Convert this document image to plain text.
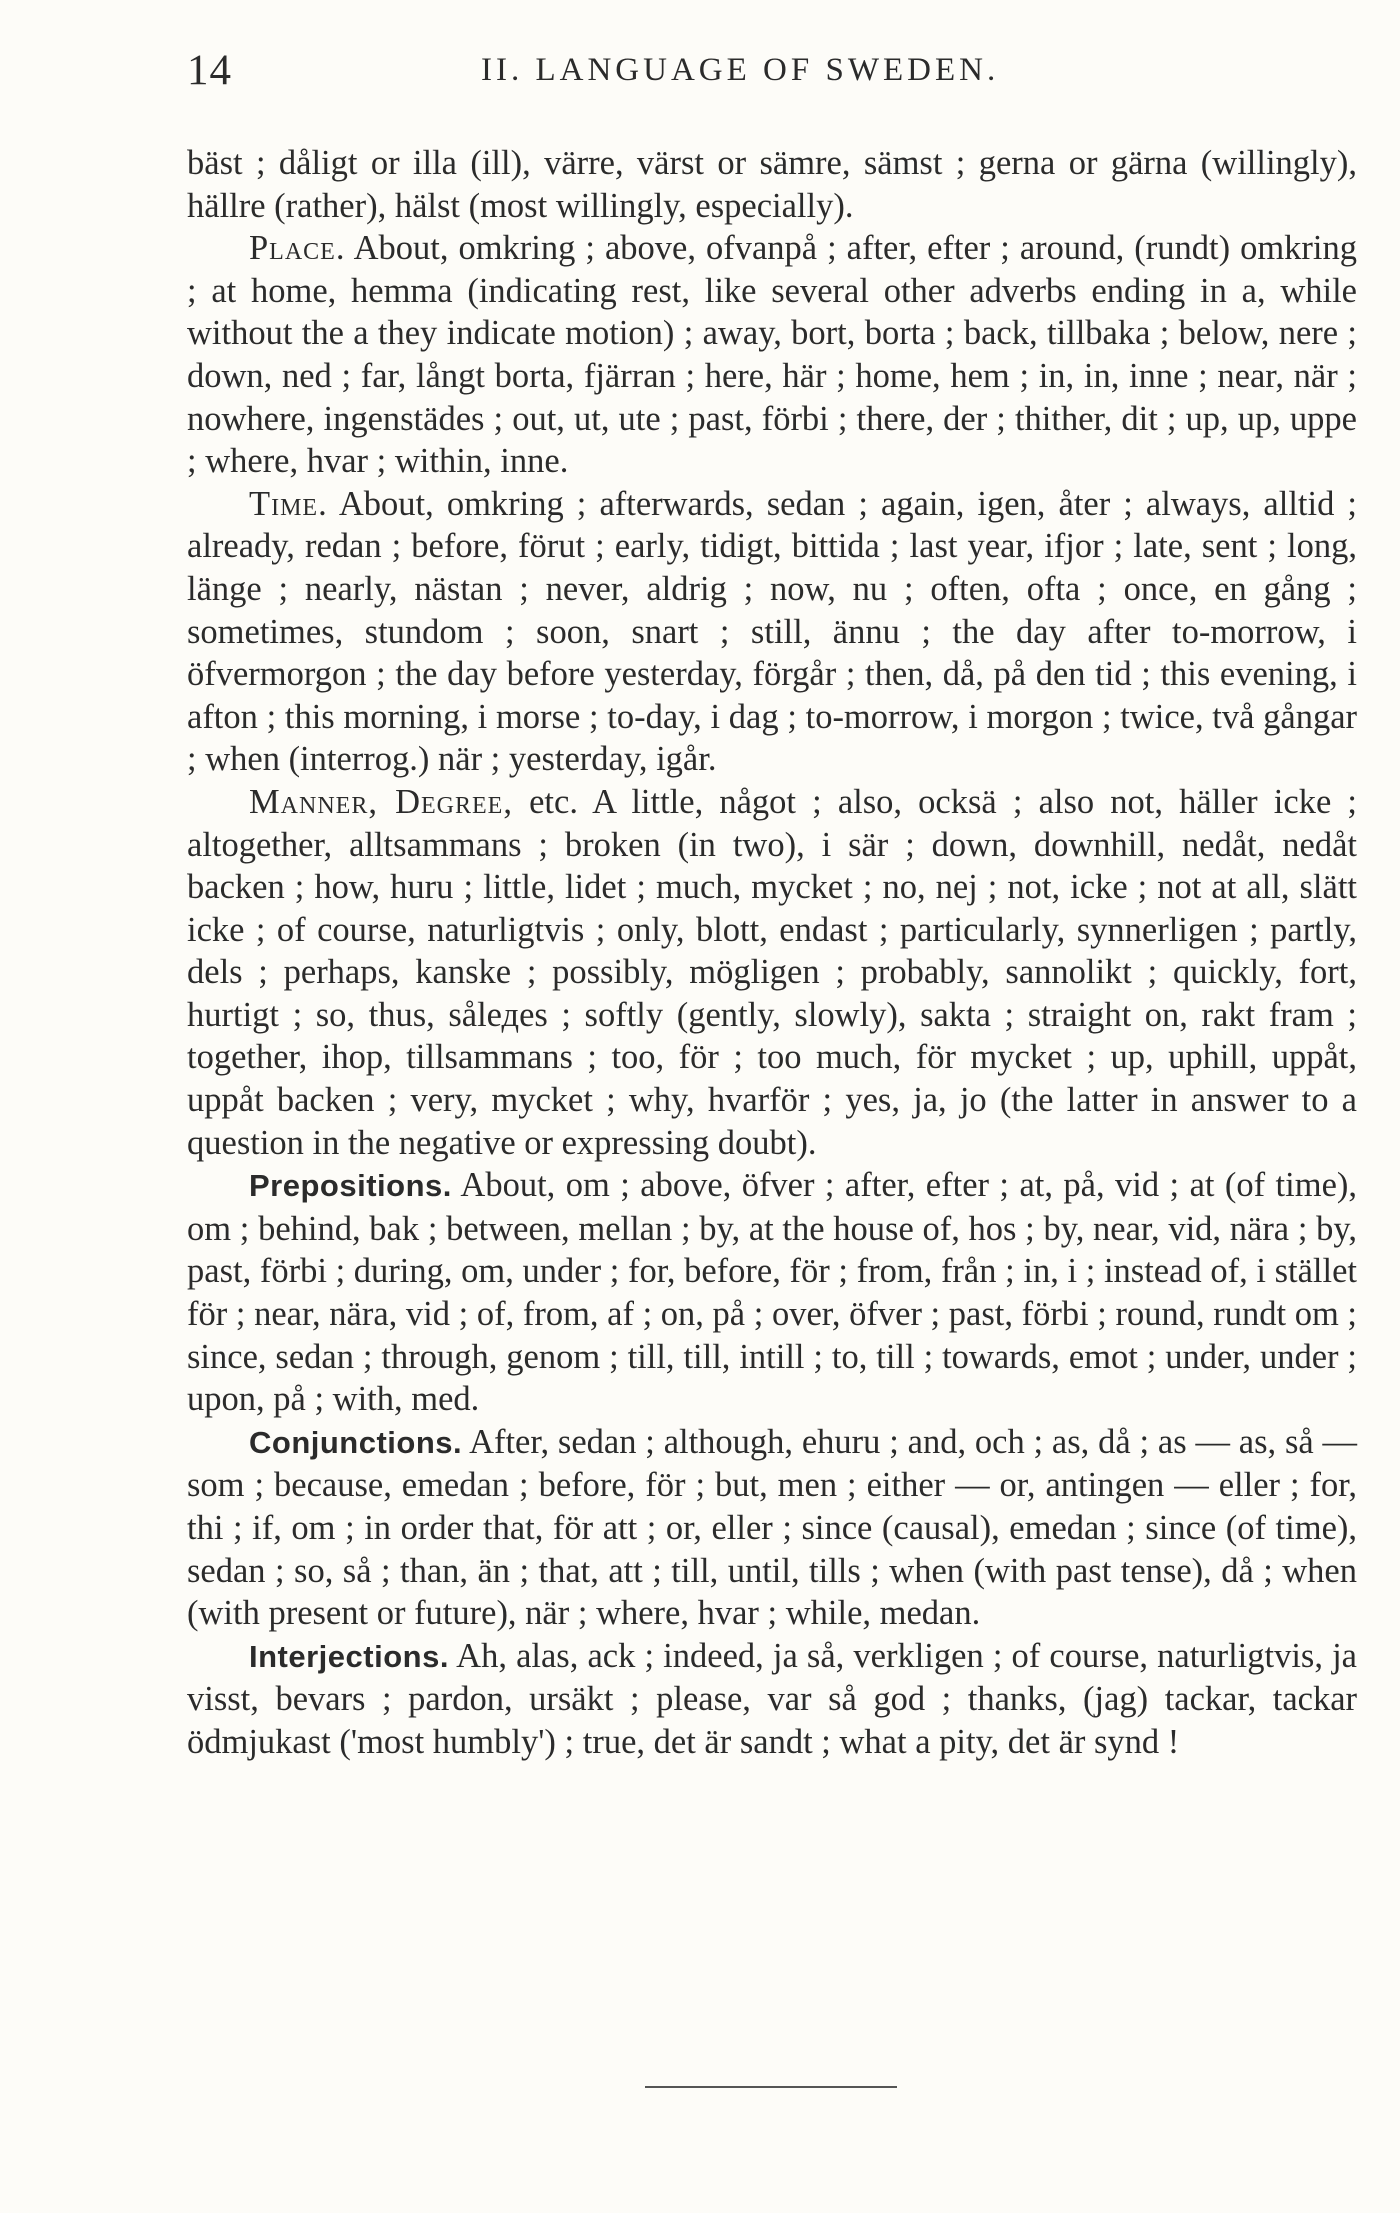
14	II. LANGUAGE OF SWEDEN.

bäst ; dåligt or illa (ill), värre, värst or sämre, sämst ; gerna or gärna (willingly), hällre (rather), hälst (most willingly, especially).

Place. About, omkring ; above, ofvanpå ; after, efter ; around, (rundt) omkring ; at home, hemma (indicating rest, like several other adverbs ending in a, while without the a they indicate motion) ; away, bort, borta ; back, tillbaka ; below, nere ; down, ned ; far, långt borta, fjärran ; here, här ; home, hem ; in, in, inne ; near, när ; nowhere, ingenstädes ; out, ut, ute ; past, förbi ; there, der ; thither, dit ; up, up, uppe ; where, hvar ; within, inne.

Time. About, omkring ; afterwards, sedan ; again, igen, åter ; always, alltid ; already, redan ; before, förut ; early, tidigt, bittida ; last year, ifjor ; late, sent ; long, länge ; nearly, nästan ; never, aldrig ; now, nu ; often, ofta ; once, en gång ; sometimes, stundom ; soon, snart ; still, ännu ; the day after to-morrow, i öfvermorgon ; the day before yesterday, förgår ; then, då, på den tid ; this evening, i afton ; this morning, i morse ; to-day, i dag ; to-morrow, i morgon ; twice, två gångar ; when (interrog.) när ; yesterday, igår.

Manner, Degree, etc. A little, något ; also, ocksä ; also not, häller icke ; altogether, alltsammans ; broken (in two), i sär ; down, downhill, nedåt, nedåt backen ; how, huru ; little, lidet ; much, mycket ; no, nej ; not, icke ; not at all, slätt icke ; of course, naturligtvis ; only, blott, endast ; particularly, synnerligen ; partly, dels ; perhaps, kanske ; possibly, mögligen ; probably, sannolikt ; quickly, fort, hurtigt ; so, thus, sålедes ; softly (gently, slowly), sakta ; straight on, rakt fram ; together, ihop, tillsammans ; too, för ; too much, för mycket ; up, uphill, uppåt, uppåt backen ; very, mycket ; why, hvarför ; yes, ja, jo (the latter in answer to a question in the negative or expressing doubt).

Prepositions. About, om ; above, öfver ; after, efter ; at, på, vid ; at (of time), om ; behind, bak ; between, mellan ; by, at the house of, hos ; by, near, vid, nära ; by, past, förbi ; during, om, under ; for, before, för ; from, från ; in, i ; instead of, i stället för ; near, nära, vid ; of, from, af ; on, på ; over, öfver ; past, förbi ; round, rundt om ; since, sedan ; through, genom ; till, till, intill ; to, till ; towards, emot ; under, under ; upon, på ; with, med.

Conjunctions. After, sedan ; although, ehuru ; and, och ; as, då ; as — as, så — som ; because, emedan ; before, för ; but, men ; either — or, antingen — eller ; for, thi ; if, om ; in order that, för att ; or, eller ; since (causal), emedan ; since (of time), sedan ; so, så ; than, än ; that, att ; till, until, tills ; when (with past tense), då ; when (with present or future), när ; where, hvar ; while, medan.

Interjections. Ah, alas, ack ; indeed, ja så, verkligen ; of course, naturligtvis, ja visst, bevars ; pardon, ursäkt ; please, var så god ; thanks, (jag) tackar, tackar ödmjukast ('most humbly') ; true, det är sandt ; what a pity, det är synd !
